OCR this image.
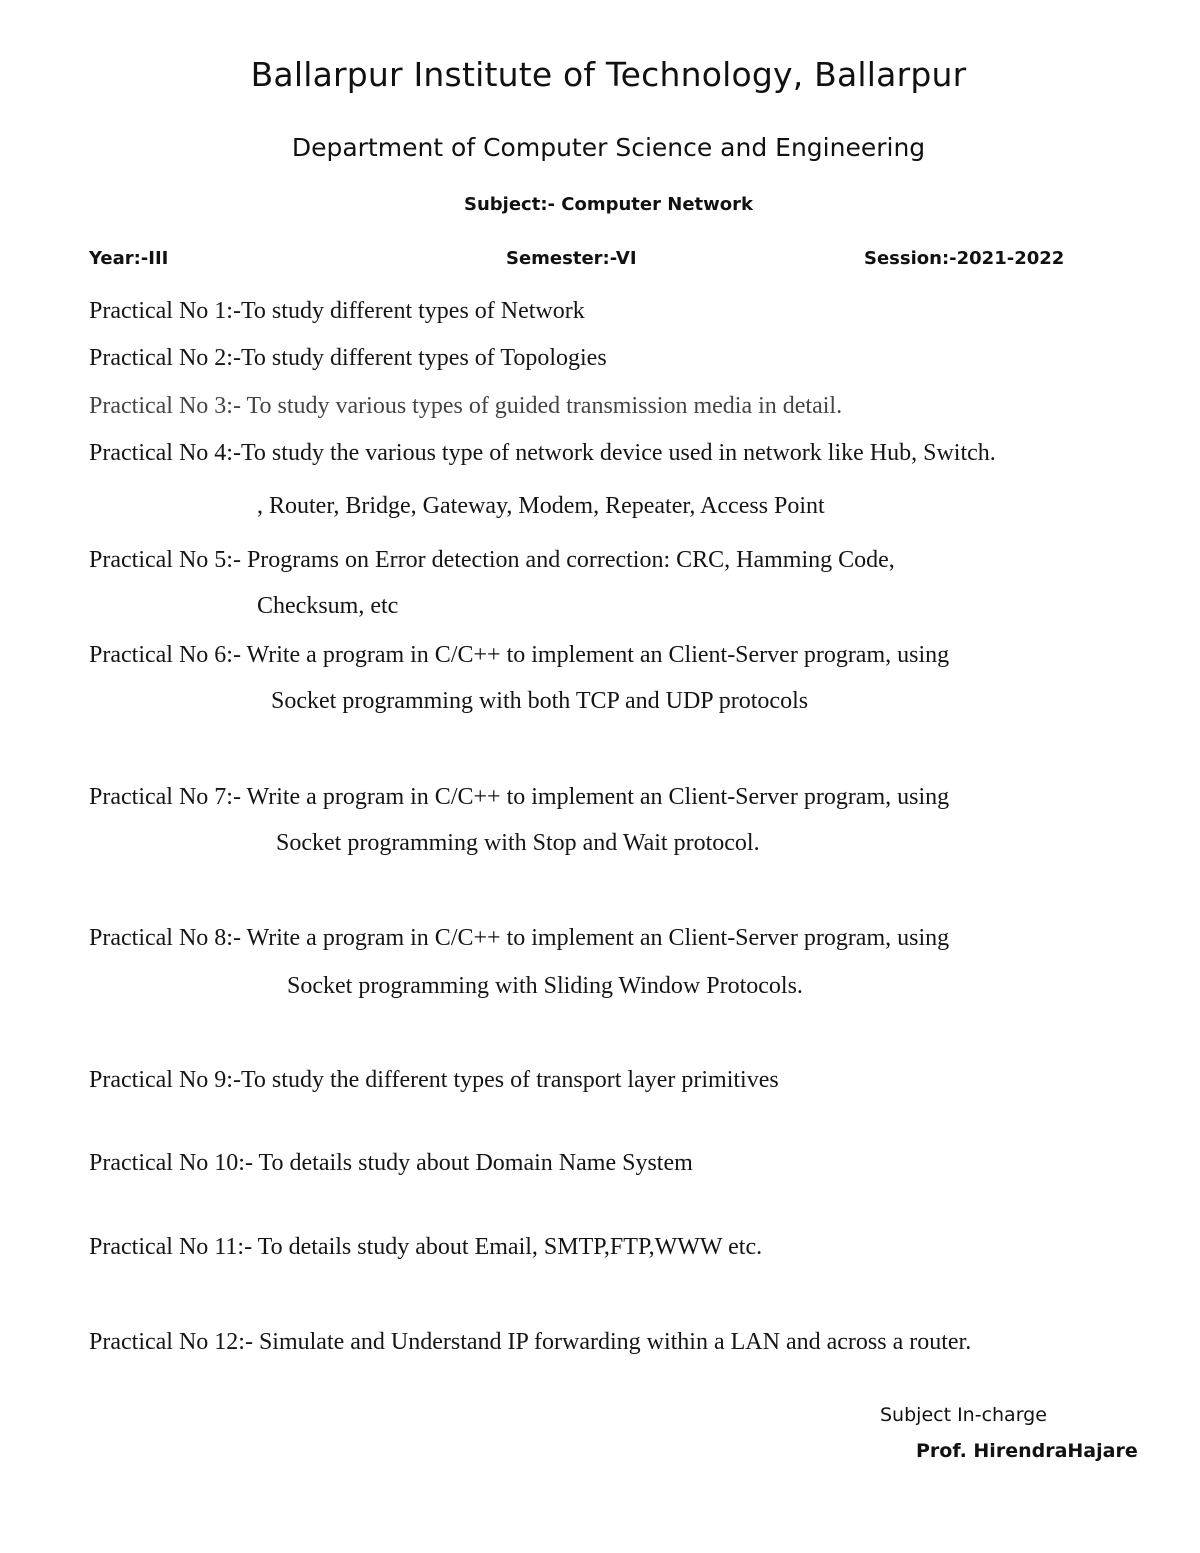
Ballarpur Institute of Technology, Ballarpur
Department of Computer Science and Engineering
Subject:- Computer Network
Year:-III	Semester:-VI	Session:-2021-2022
Practical No 1:-To study different types of Network
Practical No 2:-To study different types of Topologies
Practical No 3:- To study various types of guided transmission media in detail.
Practical No 4:-To study the various type of network device used in network like Hub, Switch.
, Router, Bridge, Gateway, Modem, Repeater, Access Point
Practical No 5:- Programs on Error detection and correction: CRC, Hamming Code,
Checksum, etc
Practical No 6:- Write a program in C/C++ to implement an Client-Server program, using
Socket programming with both TCP and UDP protocols
Practical No 7:- Write a program in C/C++ to implement an Client-Server program, using
Socket programming with Stop and Wait protocol.
Practical No 8:- Write a program in C/C++ to implement an Client-Server program, using
Socket programming with Sliding Window Protocols.
Practical No 9:-To study the different types of transport layer primitives
Practical No 10:- To details study about Domain Name System
Practical No 11:- To details study about Email, SMTP,FTP,WWW etc.
Practical No 12:- Simulate and Understand IP forwarding within a LAN and across a router.
Subject In-charge
Prof. HirendraHajare
